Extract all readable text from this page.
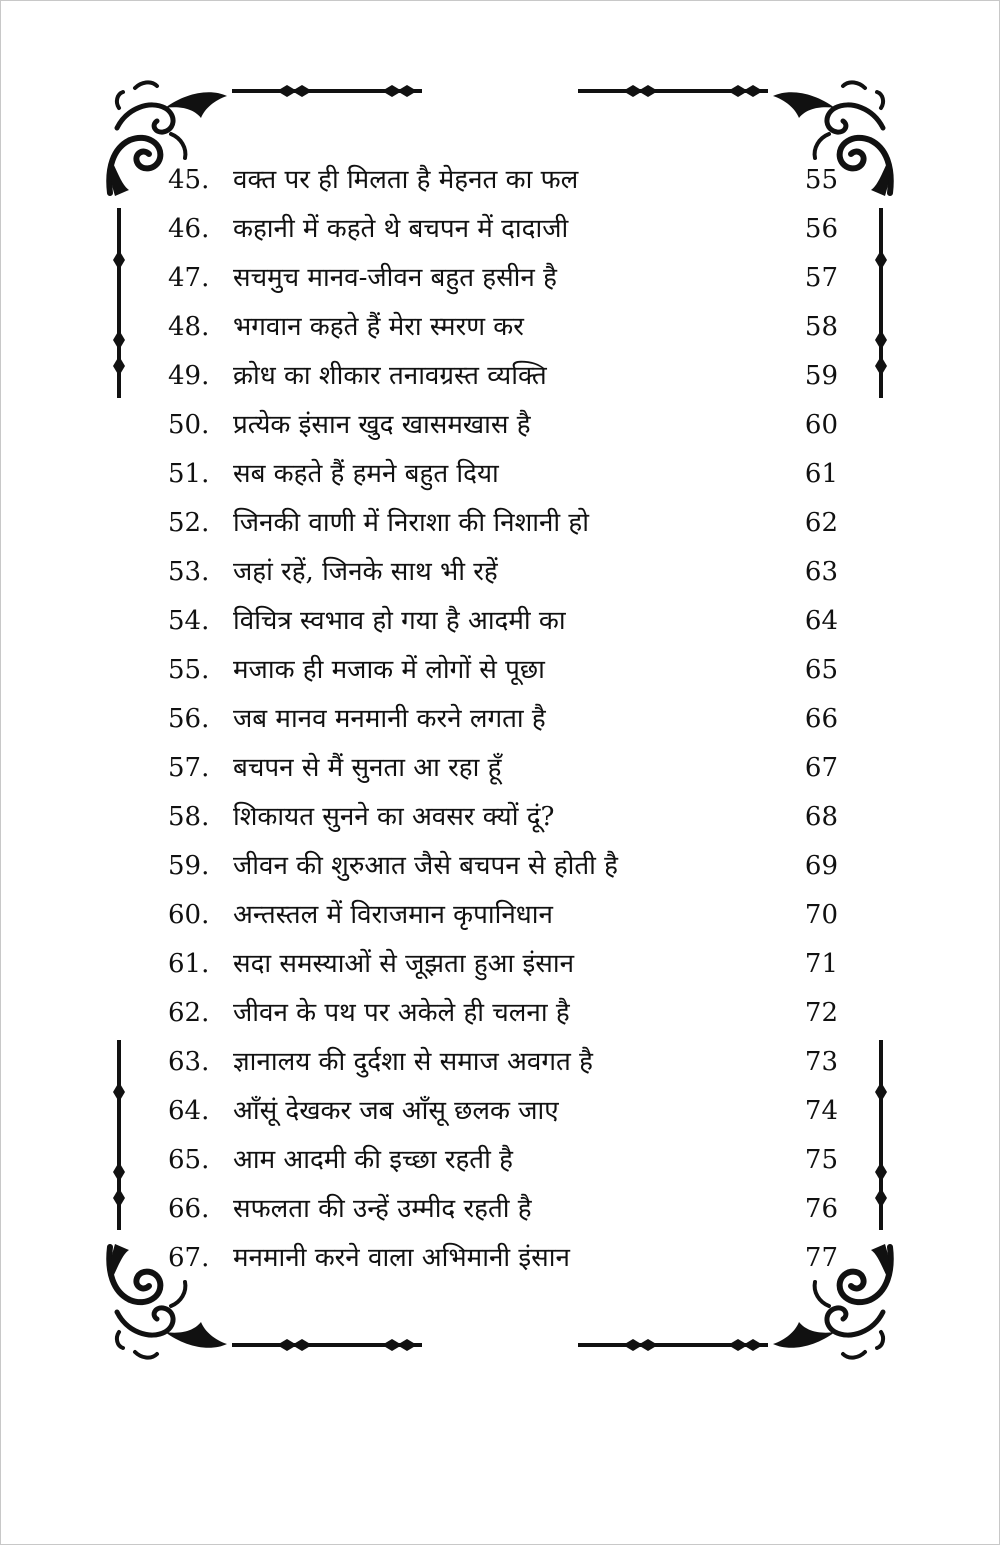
45. वक्त पर ही मिलता है मेहनत का फल	55
46. कहानी में कहते थे बचपन में दादाजी	56
47. सचमुच मानव-जीवन बहुत हसीन है	57
48. भगवान कहते हैं मेरा स्मरण कर	58
49. क्रोध का शीकार तनावग्रस्त व्यक्ति	59
50. प्रत्येक इंसान खुद खासमखास है	60
51. सब कहते हैं हमने बहुत दिया	61
52. जिनकी वाणी में निराशा की निशानी हो	62
53. जहां रहें, जिनके साथ भी रहें	63
54. विचित्र स्वभाव हो गया है आदमी का	64
55. मजाक ही मजाक में लोगों से पूछा	65
56. जब मानव मनमानी करने लगता है	66
57. बचपन से मैं सुनता आ रहा हूँ	67
58. शिकायत सुनने का अवसर क्यों दूं?	68
59. जीवन की शुरुआत जैसे बचपन से होती है	69
60. अन्तस्तल में विराजमान कृपानिधान	70
61. सदा समस्याओं से जूझता हुआ इंसान	71
62. जीवन के पथ पर अकेले ही चलना है	72
63. ज्ञानालय की दुर्दशा से समाज अवगत है	73
64. आँसूं देखकर जब आँसू छलक जाए	74
65. आम आदमी की इच्छा रहती है	75
66. सफलता की उन्हें उम्मीद रहती है	76
67. मनमानी करने वाला अभिमानी इंसान	77
